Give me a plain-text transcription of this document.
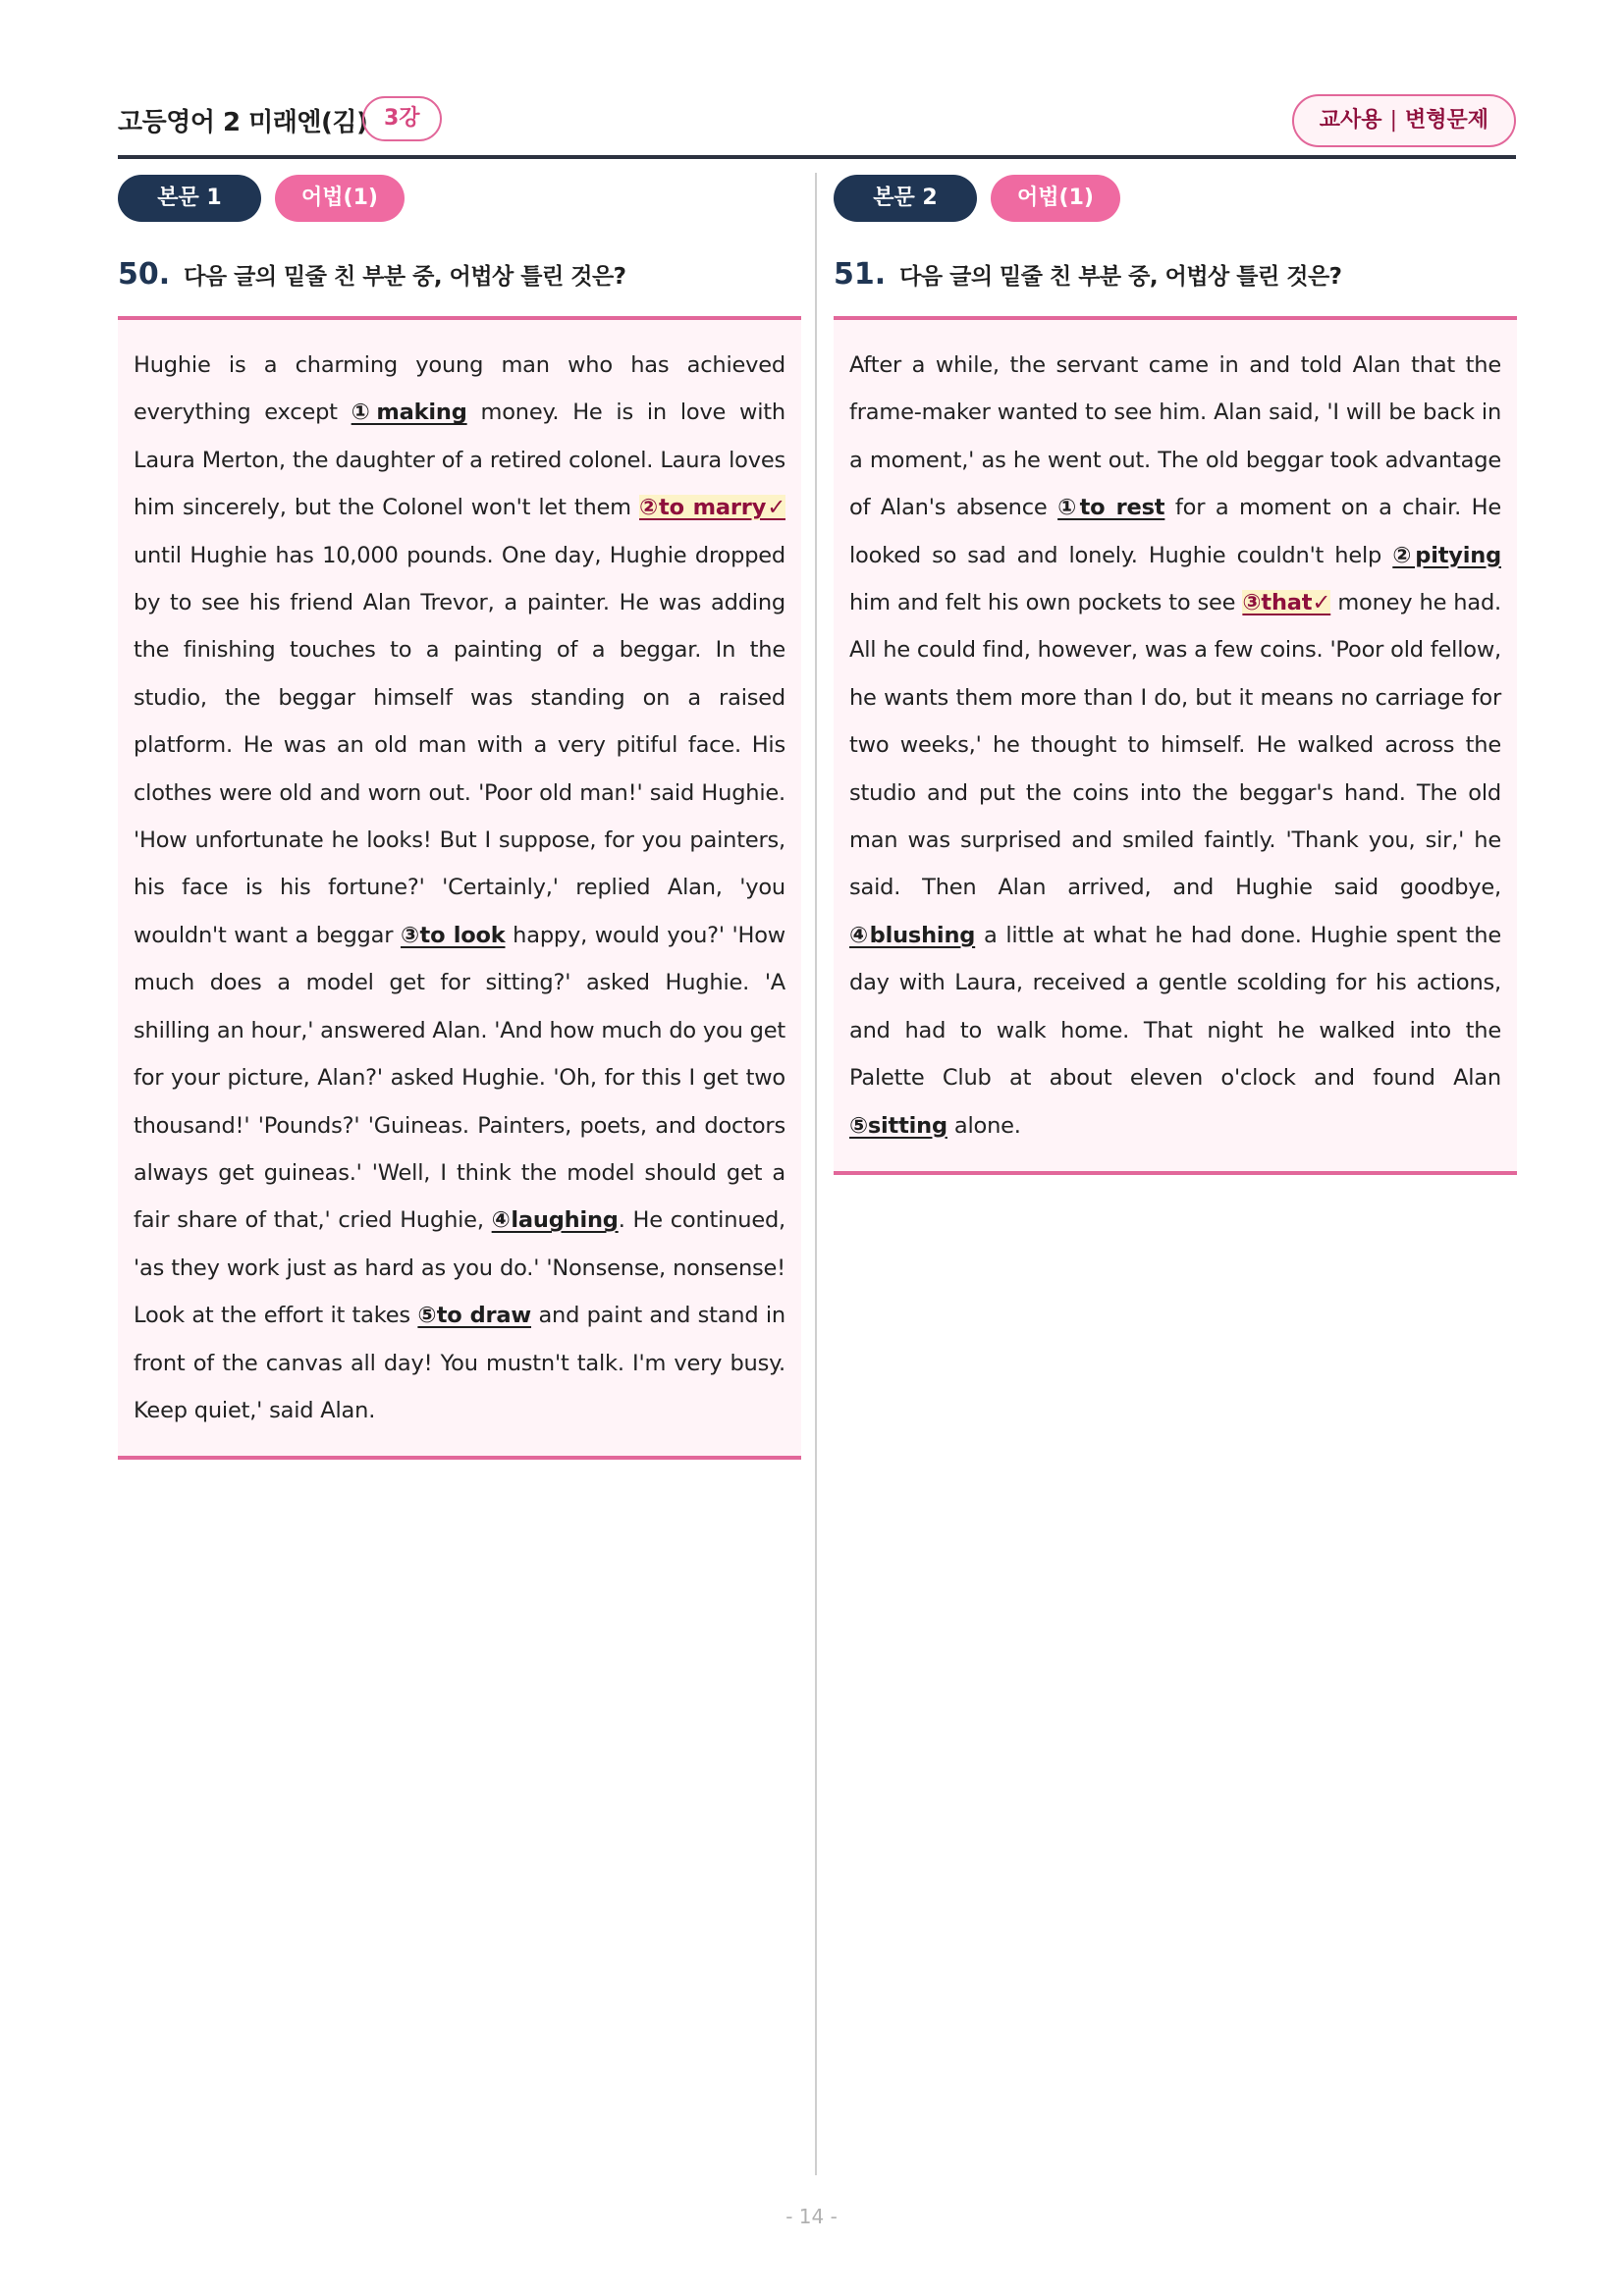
고등영어 2 미래엔(김) 3강	교사용 | 변형문제
본문 1	어법(1)
50. 다음 글의 밑줄 친 부분 중, 어법상 틀린 것은?

Hughie is a charming young man who has achieved everything except ①making money. He is in love with Laura Merton, the daughter of a retired colonel. Laura loves him sincerely, but the Colonel won't let them ②to marry✓ until Hughie has 10,000 pounds. One day, Hughie dropped by to see his friend Alan Trevor, a painter. He was adding the finishing touches to a painting of a beggar. In the studio, the beggar himself was standing on a raised platform. He was an old man with a very pitiful face. His clothes were old and worn out. 'Poor old man!' said Hughie. 'How unfortunate he looks! But I suppose, for you painters, his face is his fortune?' 'Certainly,' replied Alan, 'you wouldn't want a beggar ③to look happy, would you?' 'How much does a model get for sitting?' asked Hughie. 'A shilling an hour,' answered Alan. 'And how much do you get for your picture, Alan?' asked Hughie. 'Oh, for this I get two thousand!' 'Pounds?' 'Guineas. Painters, poets, and doctors always get guineas.' 'Well, I think the model should get a fair share of that,' cried Hughie, ④laughing. He continued, 'as they work just as hard as you do.' 'Nonsense, nonsense! Look at the effort it takes ⑤to draw and paint and stand in front of the canvas all day! You mustn't talk. I'm very busy. Keep quiet,' said Alan.

본문 2	어법(1)
51. 다음 글의 밑줄 친 부분 중, 어법상 틀린 것은?

After a while, the servant came in and told Alan that the frame-maker wanted to see him. Alan said, 'I will be back in a moment,' as he went out. The old beggar took advantage of Alan's absence ①to rest for a moment on a chair. He looked so sad and lonely. Hughie couldn't help ②pitying him and felt his own pockets to see ③that✓ money he had. All he could find, however, was a few coins. 'Poor old fellow, he wants them more than I do, but it means no carriage for two weeks,' he thought to himself. He walked across the studio and put the coins into the beggar's hand. The old man was surprised and smiled faintly. 'Thank you, sir,' he said. Then Alan arrived, and Hughie said goodbye, ④blushing a little at what he had done. Hughie spent the day with Laura, received a gentle scolding for his actions, and had to walk home. That night he walked into the Palette Club at about eleven o'clock and found Alan ⑤sitting alone.

- 14 -
